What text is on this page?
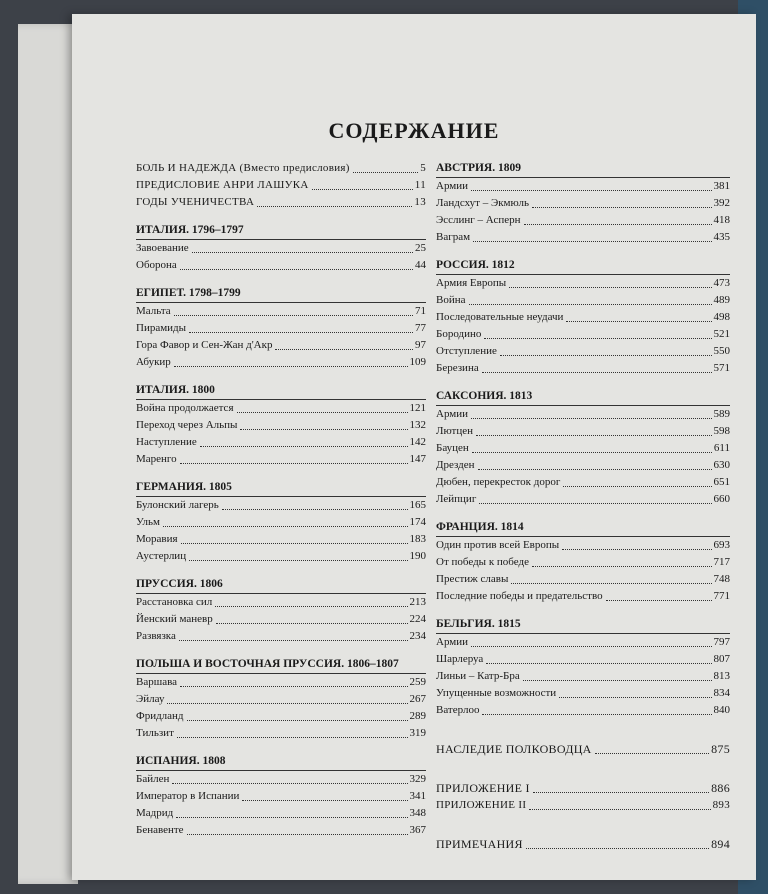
СОДЕРЖАНИЕ
БОЛЬ И НАДЕЖДА (Вместо предисловия)	5
ПРЕДИСЛОВИЕ АНРИ ЛАШУКА	11
ГОДЫ УЧЕНИЧЕСТВА	13
ИТАЛИЯ. 1796–1797
Завоевание	25
Оборона	44
ЕГИПЕТ. 1798–1799
Мальта	71
Пирамиды	77
Гора Фавор и Сен-Жан д'Акр	97
Абукир	109
ИТАЛИЯ. 1800
Война продолжается	121
Переход через Альпы	132
Наступление	142
Маренго	147
ГЕРМАНИЯ. 1805
Булонский лагерь	165
Ульм	174
Моравия	183
Аустерлиц	190
ПРУССИЯ. 1806
Расстановка сил	213
Йенский маневр	224
Развязка	234
ПОЛЬША И ВОСТОЧНАЯ ПРУССИЯ. 1806–1807
Варшава	259
Эйлау	267
Фридланд	289
Тильзит	319
ИСПАНИЯ. 1808
Байлен	329
Император в Испании	341
Мадрид	348
Бенавенте	367
АВСТРИЯ. 1809
Армии	381
Ландсхут – Экмюль	392
Эсслинг – Асперн	418
Ваграм	435
РОССИЯ. 1812
Армия Европы	473
Война	489
Последовательные неудачи	498
Бородино	521
Отступление	550
Березина	571
САКСОНИЯ. 1813
Армии	589
Лютцен	598
Бауцен	611
Дрезден	630
Дюбен, перекресток дорог	651
Лейпциг	660
ФРАНЦИЯ. 1814
Один против всей Европы	693
От победы к победе	717
Престиж славы	748
Последние победы и предательство	771
БЕЛЬГИЯ. 1815
Армии	797
Шарлеруа	807
Линьи – Катр-Бра	813
Упущенные возможности	834
Ватерлоо	840
НАСЛЕДИЕ ПОЛКОВОДЦА	875
ПРИЛОЖЕНИЕ I	886
ПРИЛОЖЕНИЕ II	893
ПРИМЕЧАНИЯ	894
